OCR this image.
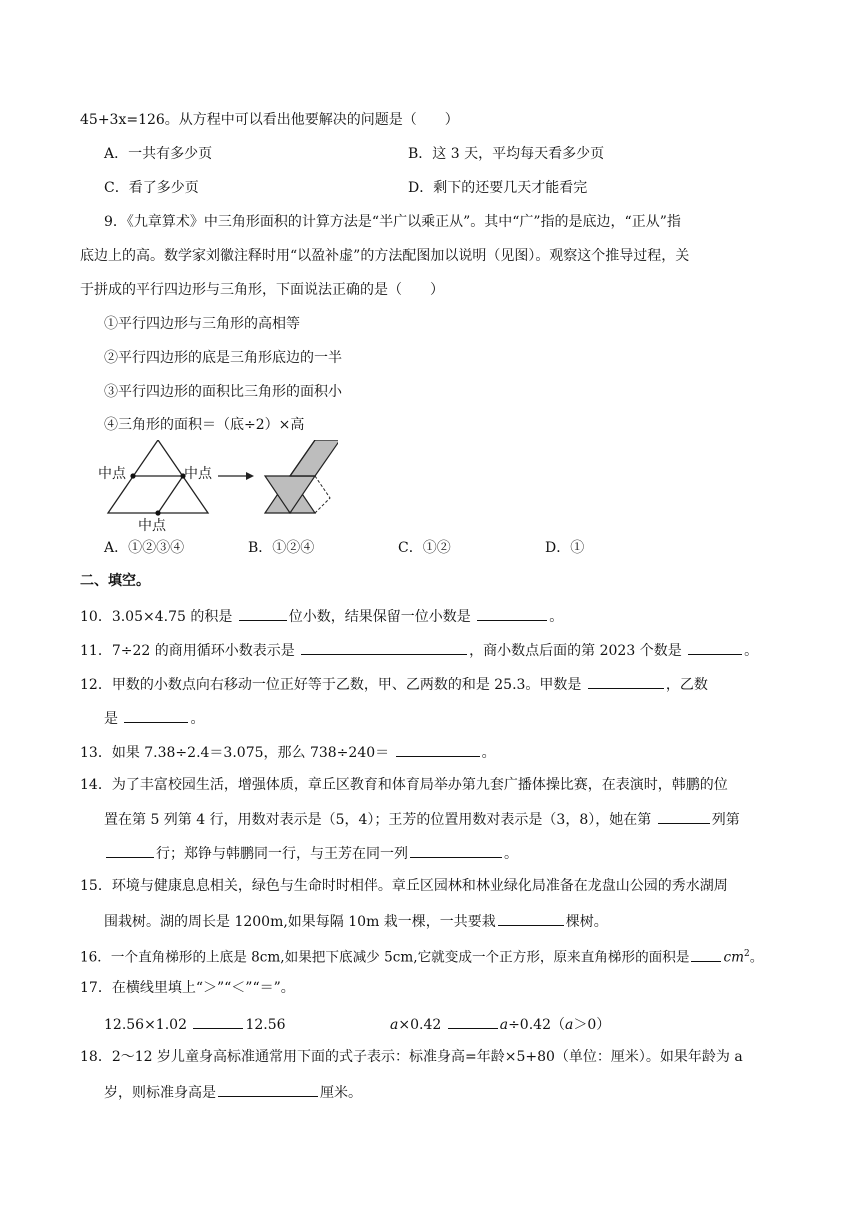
45+3x=126。从方程中可以看出他要解决的问题是（　　）
A．一共有多少页	B．这 3 天，平均每天看多少页
C．看了多少页	D．剩下的还要几天才能看完
9．《九章算术》中三角形面积的计算方法是“半广以乘正从”。其中“广”指的是底边，“正从”指
底边上的高。数学家刘徽注释时用“以盈补虚”的方法配图加以说明（见图）。观察这个推导过程，关
于拼成的平行四边形与三角形，下面说法正确的是（　　）
①平行四边形与三角形的高相等
②平行四边形的底是三角形底边的一半
③平行四边形的面积比三角形的面积小
④三角形的面积＝（底÷2）×高
中点	中点
中点
A．①②③④	B．①②④	C．①②	D．①
二、填空。
10．3.05×4.75 的积是	位小数，结果保留一位小数是	。
11．7÷22 的商用循环小数表示是	，商小数点后面的第 2023 个数是	。
12．甲数的小数点向右移动一位正好等于乙数，甲、乙两数的和是 25.3。甲数是	，乙数
是	。
13．如果 7.38÷2.4＝3.075，那么 738÷240＝	。
14．为了丰富校园生活，增强体质，章丘区教育和体育局举办第九套广播体操比赛，在表演时，韩鹏的位
置在第 5 列第 4 行，用数对表示是（5，4）；王芳的位置用数对表示是（3，8），她在第	列第
行；郑铮与韩鹏同一行，与王芳在同一列	。
15．环境与健康息息相关，绿色与生命时时相伴。章丘区园林和林业绿化局准备在龙盘山公园的秀水湖周
围栽树。湖的周长是 1200m,如果每隔 10m 栽一棵，一共要栽	棵树。
16．一个直角梯形的上底是 8cm,如果把下底减少 5cm,它就变成一个正方形，原来直角梯形的面积是	$cm^2$。
17．在横线里填上“＞”“＜”“＝”。
12.56×1.02	12.56	a×0.42	a÷0.42（a＞0）
18．2～12 岁儿童身高标准通常用下面的式子表示：标准身高=年龄×5+80（单位：厘米）。如果年龄为 a
岁，则标准身高是	厘米。
